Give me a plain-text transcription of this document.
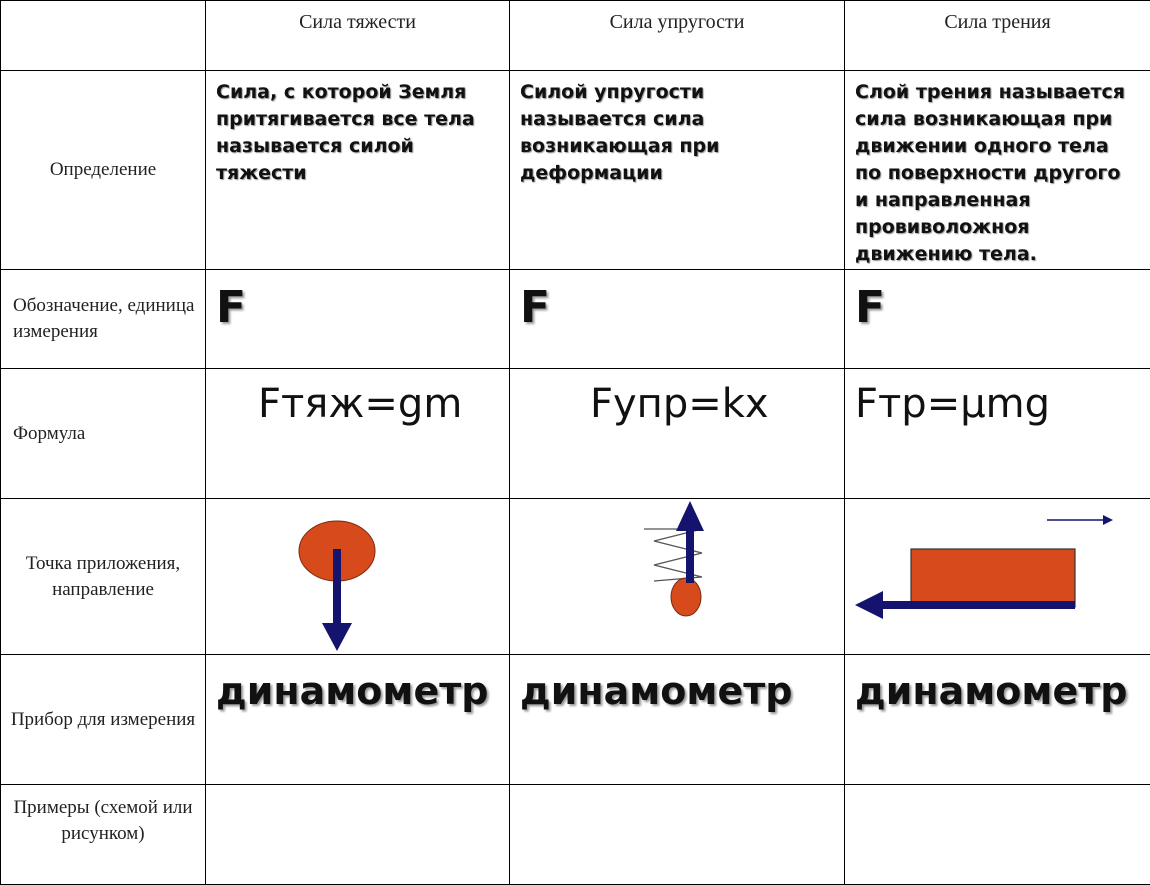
	Сила тяжести	Сила упругости	Сила трения
Определение	Сила, с которой Земля притягивается все тела называется силой тяжести	Силой упругости называется сила возникающая при деформации	Слой трения называется сила возникающая при движении одного тела по поверхности другого и направленная провиволожноя движению тела.
Обозначение, единица измерения	F	F	F
Формула	Fтяж=gm	Fупр=kx	Fтр=µmg
Точка приложения, направление	

Прибор для измерения	динамометр	динамометр	динамометр
Примеры (схемой или рисунком)			
